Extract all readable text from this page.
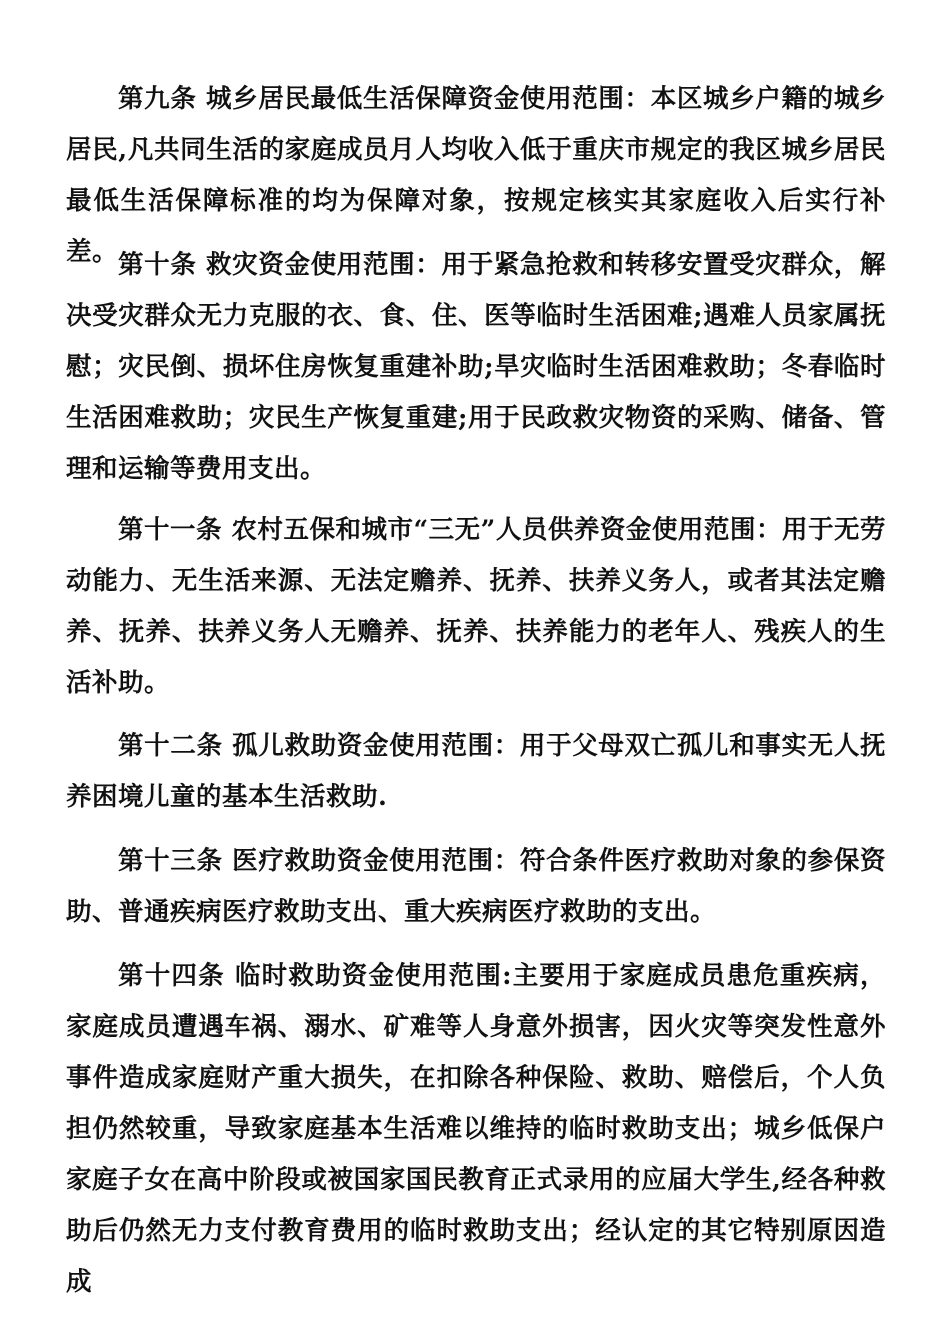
第九条 城乡居民最低生活保障资金使用范围：本区城乡户籍的城乡居民,凡共同生活的家庭成员月人均收入低于重庆市规定的我区城乡居民最低生活保障标准的均为保障对象，按规定核实其家庭收入后实行补差。 第十条 救灾资金使用范围：用于紧急抢救和转移安置受灾群众，解决受灾群众无力克服的衣、食、住、医等临时生活困难;遇难人员家属抚慰；灾民倒、损坏住房恢复重建补助;旱灾临时生活困难救助；冬春临时生活困难救助；灾民生产恢复重建;用于民政救灾物资的采购、储备、管理和运输等费用支出。

第十一条 农村五保和城市“三无”人员供养资金使用范围：用于无劳动能力、无生活来源、无法定赡养、抚养、扶养义务人，或者其法定赡养、抚养、扶养义务人无赡养、抚养、扶养能力的老年人、残疾人的生活补助。

第十二条 孤儿救助资金使用范围：用于父母双亡孤儿和事实无人抚养困境儿童的基本生活救助.

第十三条 医疗救助资金使用范围：符合条件医疗救助对象的参保资助、普通疾病医疗救助支出、重大疾病医疗救助的支出。

第十四条 临时救助资金使用范围:主要用于家庭成员患危重疾病，家庭成员遭遇车祸、溺水、矿难等人身意外损害，因火灾等突发性意外事件造成家庭财产重大损失，在扣除各种保险、救助、赔偿后，个人负担仍然较重，导致家庭基本生活难以维持的临时救助支出；城乡低保户家庭子女在高中阶段或被国家国民教育正式录用的应届大学生,经各种救助后仍然无力支付教育费用的临时救助支出；经认定的其它特别原因造成
